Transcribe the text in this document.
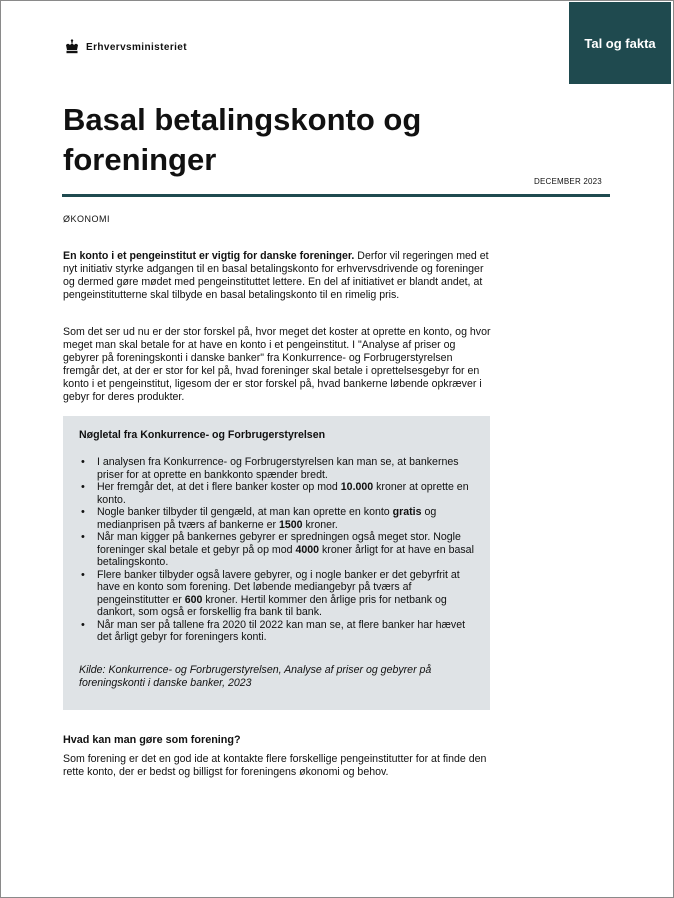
Erhvervsministeriet	Tal og fakta
Basal betalingskonto og foreninger
DECEMBER 2023
ØKONOMI

En konto i et pengeinstitut er vigtig for danske foreninger. Derfor vil regeringen med et nyt initiativ styrke adgangen til en basal betalingskonto for erhvervsdrivende og foreninger og dermed gøre mødet med pengeinstituttet lettere. En del af initiativet er blandt andet, at pengeinstitutterne skal tilbyde en basal betalingskonto til en rimelig pris.

Som det ser ud nu er der stor forskel på, hvor meget det koster at oprette en konto, og hvor meget man skal betale for at have en konto i et pengeinstitut. I "Analyse af priser og gebyrer på foreningskonti i danske banker" fra Konkurrence- og Forbrugerstyrelsen fremgår det, at der er stor for kel på, hvad foreninger skal betale i oprettelsesgebyr for en konto i et pengeinstitut, ligesom der er stor forskel på, hvad bankerne løbende opkræver i gebyr for deres produkter.

Nøgletal fra Konkurrence- og Forbrugerstyrelsen
• I analysen fra Konkurrence- og Forbrugerstyrelsen kan man se, at bankernes priser for at oprette en bankkonto spænder bredt.
• Her fremgår det, at det i flere banker koster op mod 10.000 kroner at oprette en konto.
• Nogle banker tilbyder til gengæld, at man kan oprette en konto gratis og medianprisen på tværs af bankerne er 1500 kroner.
• Når man kigger på bankernes gebyrer er spredningen også meget stor. Nogle foreninger skal betale et gebyr på op mod 4000 kroner årligt for at have en basal betalingskonto.
• Flere banker tilbyder også lavere gebyrer, og i nogle banker er det gebyrfrit at have en konto som forening. Det løbende mediangebyr på tværs af pengeinstitutter er 600 kroner. Hertil kommer den årlige pris for netbank og dankort, som også er forskellig fra bank til bank.
• Når man ser på tallene fra 2020 til 2022 kan man se, at flere banker har hævet det årligt gebyr for foreningers konti.
Kilde: Konkurrence- og Forbrugerstyrelsen, Analyse af priser og gebyrer på foreningskonti i danske banker, 2023
Hvad kan man gøre som forening?

Som forening er det en god ide at kontakte flere forskellige pengeinstitutter for at finde den rette konto, der er bedst og billigst for foreningens økonomi og behov.
